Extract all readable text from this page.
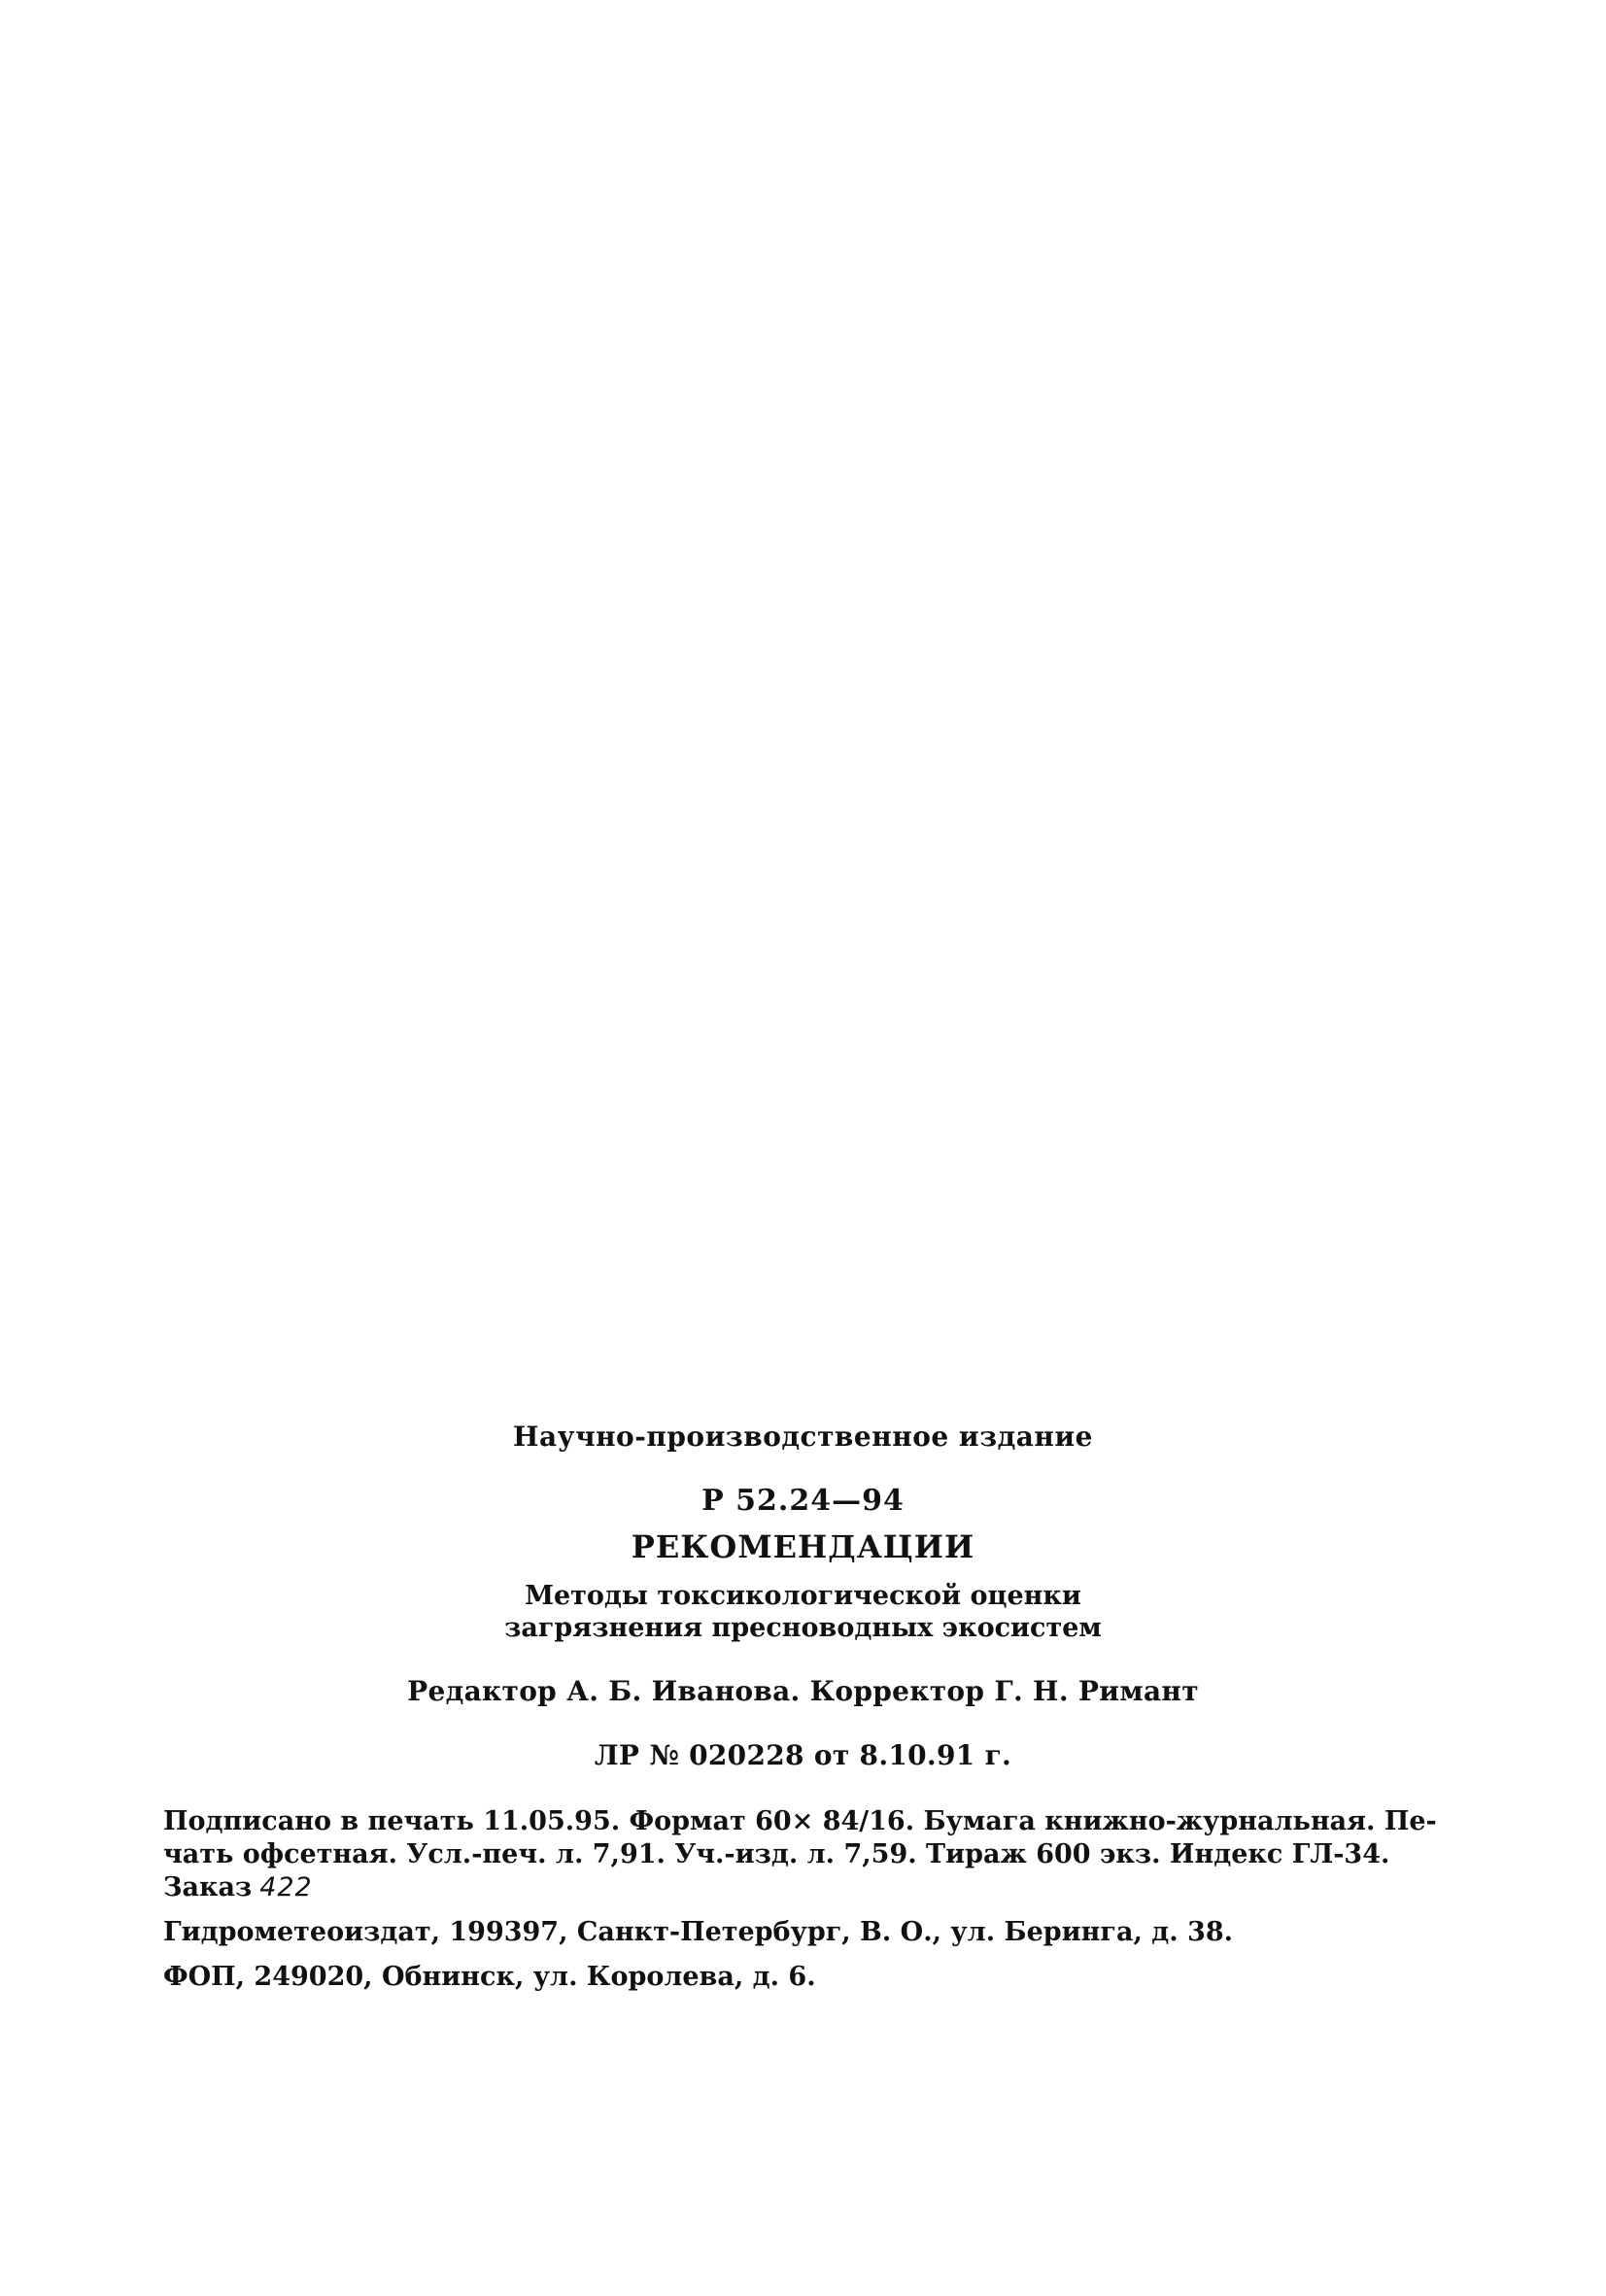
Научно-производственное издание
Р 52.24—94
РЕКОМЕНДАЦИИ
Методы токсикологической оценки
загрязнения пресноводных экосистем
Редактор А. Б. Иванова. Корректор Г. Н. Римант
ЛР № 020228 от 8.10.91 г.
Подписано в печать 11.05.95. Формат 60× 84/16. Бумага книжно-журнальная. Пе-
чать офсетная. Усл.-печ. л. 7,91. Уч.-изд. л. 7,59. Тираж 600 экз. Индекс ГЛ-34.
Заказ 422
Гидрометеоиздат, 199397, Санкт-Петербург, В. О., ул. Беринга, д. 38.
ФОП, 249020, Обнинск, ул. Королева, д. 6.
